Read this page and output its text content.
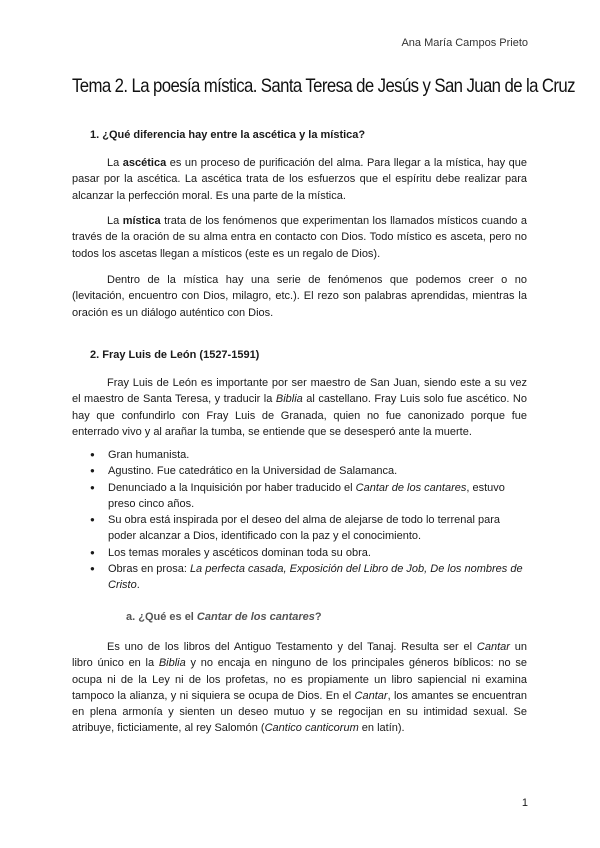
Ana María Campos Prieto
Tema 2. La poesía mística. Santa Teresa de Jesús y San Juan de la Cruz
1. ¿Qué diferencia hay entre la ascética y la mística?
La ascética es un proceso de purificación del alma. Para llegar a la mística, hay que
pasar por la ascética. La ascética trata de los esfuerzos que el espíritu debe realizar para
alcanzar la perfección moral. Es una parte de la mística.
La mística trata de los fenómenos que experimentan los llamados místicos cuando a
través de la oración de su alma entra en contacto con Dios. Todo místico es asceta, pero no
todos los ascetas llegan a místicos (este es un regalo de Dios).
Dentro de la mística hay una serie de fenómenos que podemos creer o no
(levitación, encuentro con Dios, milagro, etc.). El rezo son palabras aprendidas, mientras la
oración es un diálogo auténtico con Dios.
2. Fray Luis de León (1527-1591)
Fray Luis de León es importante por ser maestro de San Juan, siendo este a su vez
el maestro de Santa Teresa, y traducir la Biblia al castellano. Fray Luis solo fue ascético. No
hay que confundirlo con Fray Luis de Granada, quien no fue canonizado porque fue
enterrado vivo y al arañar la tumba, se entiende que se desesperó ante la muerte.
● Gran humanista.
● Agustino. Fue catedrático en la Universidad de Salamanca.
● Denunciado a la Inquisición por haber traducido el Cantar de los cantares, estuvo preso cinco años.
● Su obra está inspirada por el deseo del alma de alejarse de todo lo terrenal para poder alcanzar a Dios, identificado con la paz y el conocimiento.
● Los temas morales y ascéticos dominan toda su obra.
● Obras en prosa: La perfecta casada, Exposición del Libro de Job, De los nombres de Cristo.
a. ¿Qué es el Cantar de los cantares?
Es uno de los libros del Antiguo Testamento y del Tanaj. Resulta ser el Cantar un
libro único en la Biblia y no encaja en ninguno de los principales géneros bíblicos: no se
ocupa ni de la Ley ni de los profetas, no es propiamente un libro sapiencial ni examina
tampoco la alianza, y ni siquiera se ocupa de Dios. En el Cantar, los amantes se encuentran
en plena armonía y sienten un deseo mutuo y se regocijan en su intimidad sexual. Se
atribuye, ficticiamente, al rey Salomón (Cantico canticorum en latín).
1
